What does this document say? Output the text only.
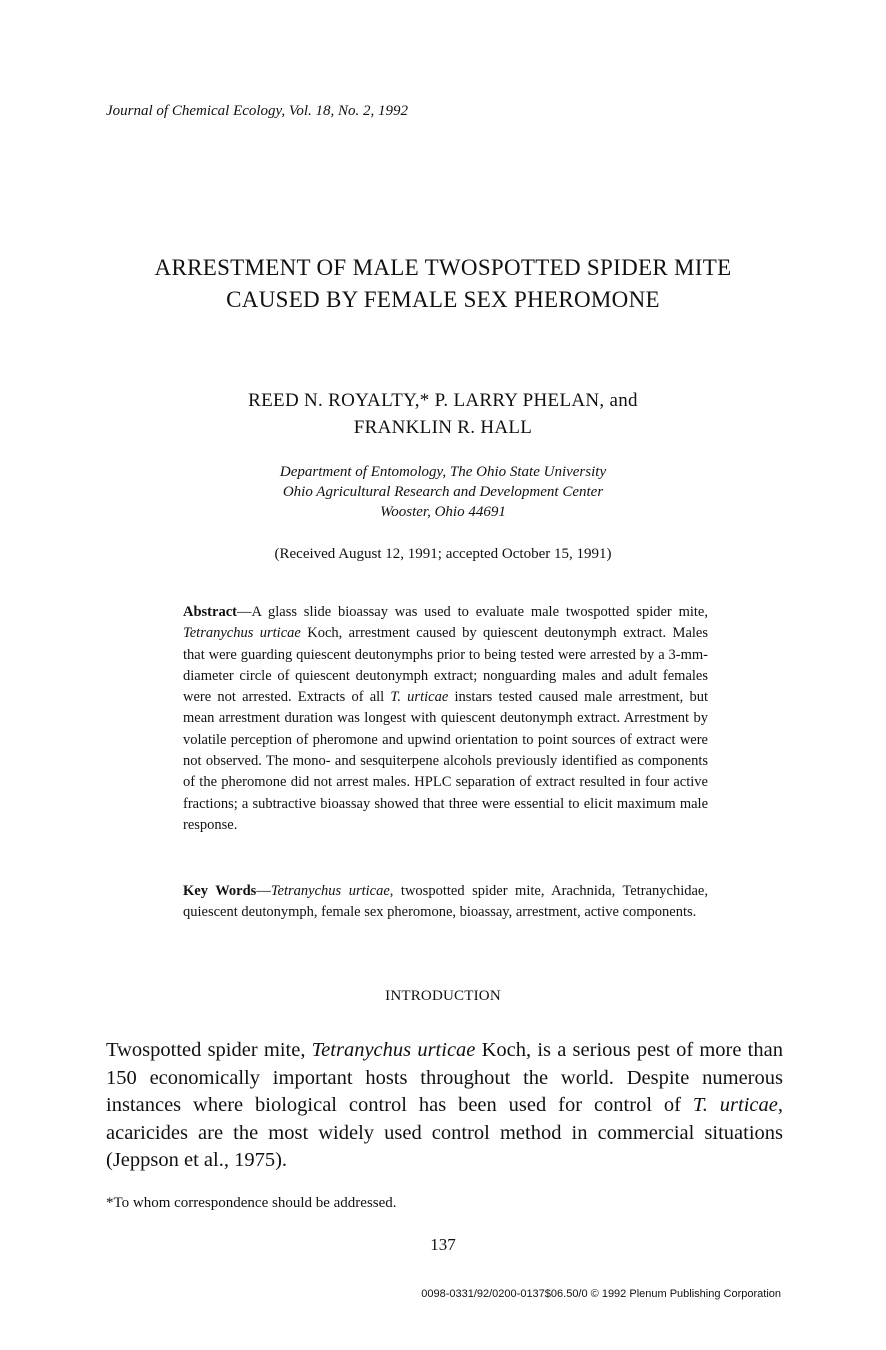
Journal of Chemical Ecology, Vol. 18, No. 2, 1992
ARRESTMENT OF MALE TWOSPOTTED SPIDER MITE
CAUSED BY FEMALE SEX PHEROMONE
REED N. ROYALTY,* P. LARRY PHELAN, and
FRANKLIN R. HALL
Department of Entomology, The Ohio State University
Ohio Agricultural Research and Development Center
Wooster, Ohio 44691
(Received August 12, 1991; accepted October 15, 1991)
Abstract—A glass slide bioassay was used to evaluate male twospotted spider mite, Tetranychus urticae Koch, arrestment caused by quiescent deutonymph extract. Males that were guarding quiescent deutonymphs prior to being tested were arrested by a 3-mm-diameter circle of quiescent deutonymph extract; nonguarding males and adult females were not arrested. Extracts of all T. urticae instars tested caused male arrestment, but mean arrestment duration was longest with quiescent deutonymph extract. Arrestment by volatile perception of pheromone and upwind orientation to point sources of extract were not observed. The mono- and sesquiterpene alcohols previously identified as components of the pheromone did not arrest males. HPLC separation of extract resulted in four active fractions; a subtractive bioassay showed that three were essential to elicit maximum male response.
Key Words—Tetranychus urticae, twospotted spider mite, Arachnida, Tetranychidae, quiescent deutonymph, female sex pheromone, bioassay, arrestment, active components.
INTRODUCTION
Twospotted spider mite, Tetranychus urticae Koch, is a serious pest of more than 150 economically important hosts throughout the world. Despite numerous instances where biological control has been used for control of T. urticae, acaricides are the most widely used control method in commercial situations (Jeppson et al., 1975).
*To whom correspondence should be addressed.
137
0098-0331/92/0200-0137$06.50/0 © 1992 Plenum Publishing Corporation
